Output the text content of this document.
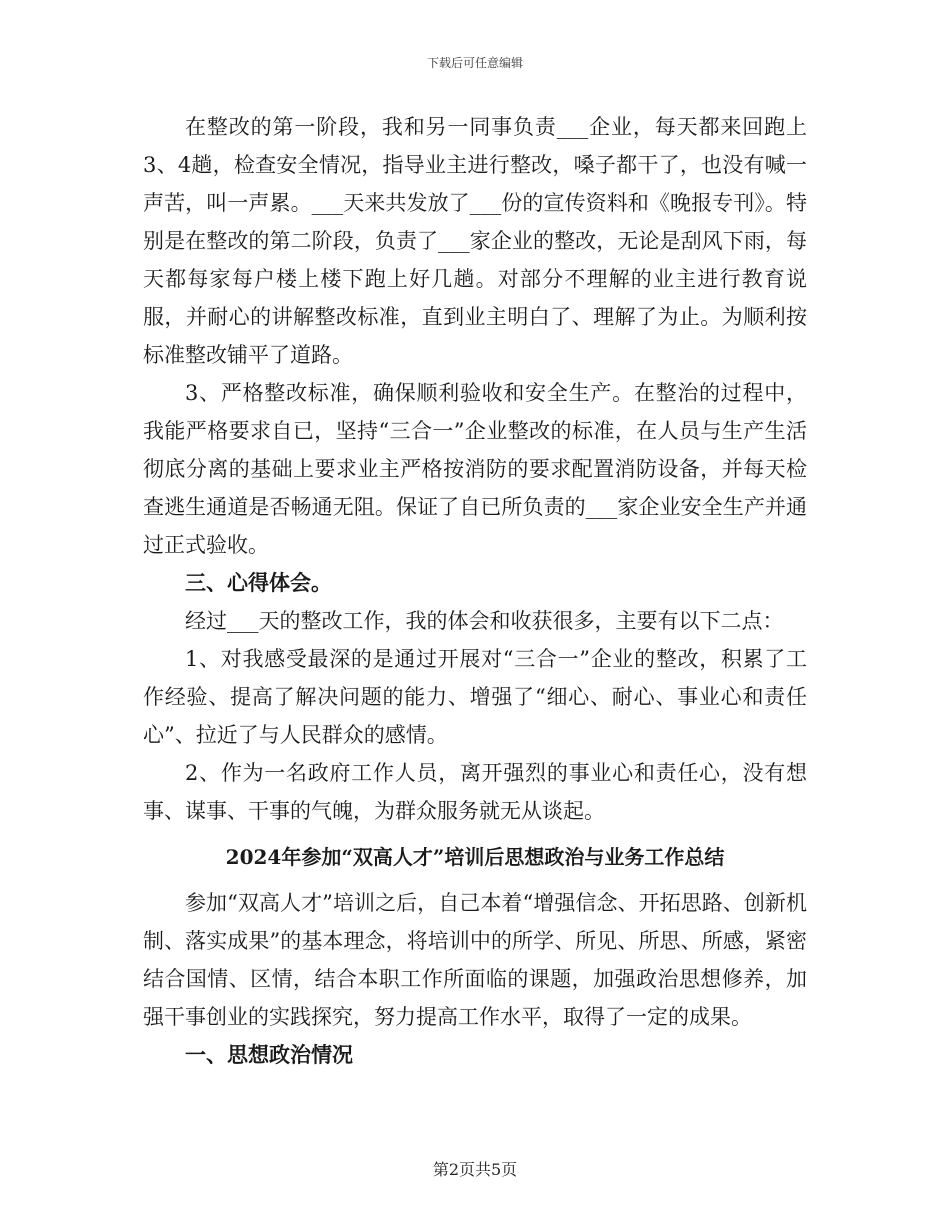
下载后可任意编辑

在整改的第一阶段，我和另一同事负责___企业，每天都来回跑上3、4趟，检查安全情况，指导业主进行整改，嗓子都干了，也没有喊一声苦，叫一声累。___天来共发放了___份的宣传资料和《晚报专刊》。特别是在整改的第二阶段，负责了___家企业的整改，无论是刮风下雨，每天都每家每户楼上楼下跑上好几趟。对部分不理解的业主进行教育说服，并耐心的讲解整改标准，直到业主明白了、理解了为止。为顺利按标准整改铺平了道路。

3、严格整改标准，确保顺利验收和安全生产。在整治的过程中，我能严格要求自已，坚持“三合一”企业整改的标准，在人员与生产生活彻底分离的基础上要求业主严格按消防的要求配置消防设备，并每天检查逃生通道是否畅通无阻。保证了自已所负责的___家企业安全生产并通过正式验收。

三、心得体会。

经过___天的整改工作，我的体会和收获很多，主要有以下二点：

1、对我感受最深的是通过开展对“三合一”企业的整改，积累了工作经验、提高了解决问题的能力、增强了“细心、耐心、事业心和责任心”、拉近了与人民群众的感情。

2、作为一名政府工作人员，离开强烈的事业心和责任心，没有想事、谋事、干事的气魄，为群众服务就无从谈起。

2024年参加“双高人才”培训后思想政治与业务工作总结

参加“双高人才”培训之后，自己本着“增强信念、开拓思路、创新机制、落实成果”的基本理念，将培训中的所学、所见、所思、所感，紧密结合国情、区情，结合本职工作所面临的课题，加强政治思想修养，加强干事创业的实践探究，努力提高工作水平，取得了一定的成果。

一、思想政治情况

第2页共5页
